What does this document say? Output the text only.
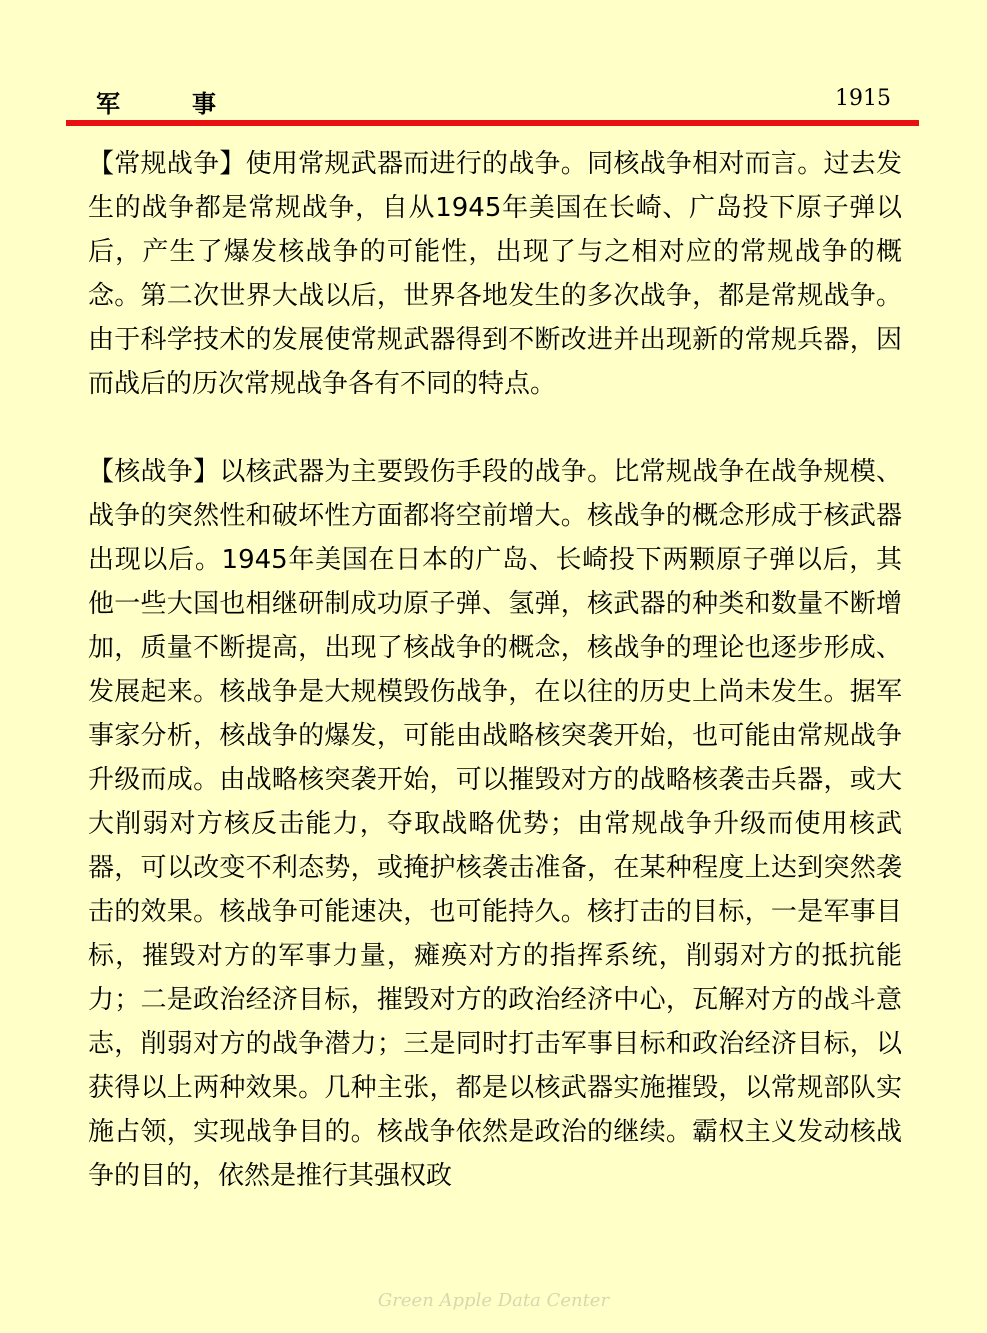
军事	1915

【常规战争】使用常规武器而进行的战争。同核战争相对而言。过去发生的战争都是常规战争，自从1945年美国在长崎、广岛投下原子弹以后，产生了爆发核战争的可能性，出现了与之相对应的常规战争的概念。第二次世界大战以后，世界各地发生的多次战争，都是常规战争。由于科学技术的发展使常规武器得到不断改进并出现新的常规兵器，因而战后的历次常规战争各有不同的特点。

【核战争】以核武器为主要毁伤手段的战争。比常规战争在战争规模、战争的突然性和破坏性方面都将空前增大。核战争的概念形成于核武器出现以后。1945年美国在日本的广岛、长崎投下两颗原子弹以后，其他一些大国也相继研制成功原子弹、氢弹，核武器的种类和数量不断增加，质量不断提高，出现了核战争的概念，核战争的理论也逐步形成、发展起来。核战争是大规模毁伤战争，在以往的历史上尚未发生。据军事家分析，核战争的爆发，可能由战略核突袭开始，也可能由常规战争升级而成。由战略核突袭开始，可以摧毁对方的战略核袭击兵器，或大大削弱对方核反击能力，夺取战略优势；由常规战争升级而使用核武器，可以改变不利态势，或掩护核袭击准备，在某种程度上达到突然袭击的效果。核战争可能速决，也可能持久。核打击的目标，一是军事目标，摧毁对方的军事力量，瘫痪对方的指挥系统，削弱对方的抵抗能力；二是政治经济目标，摧毁对方的政治经济中心，瓦解对方的战斗意志，削弱对方的战争潜力；三是同时打击军事目标和政治经济目标，以获得以上两种效果。几种主张，都是以核武器实施摧毁，以常规部队实施占领，实现战争目的。核战争依然是政治的继续。霸权主义发动核战争的目的，依然是推行其强权政

Green Apple Data Center
